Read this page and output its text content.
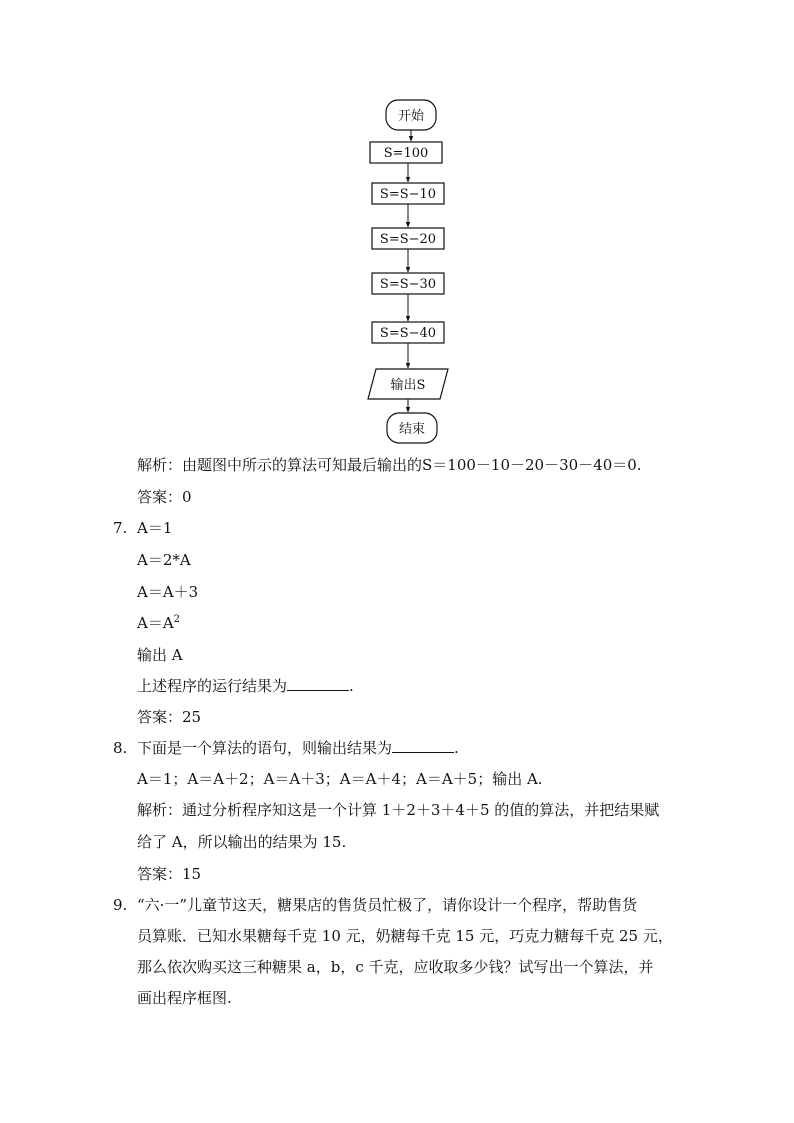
开始
S=100
S=S−10
S=S−20
S=S−30
S=S−40
输出S
结束
解析：由题图中所示的算法可知最后输出的S＝100－10－20－30－40＝0.
答案：0
7. A＝1
A＝2*A
A＝A＋3
$A=A^2$
输出 A
上述程序的运行结果为	.
答案：25
8. 下面是一个算法的语句，则输出结果为	.
A＝1；A＝A＋2；A＝A＋3；A＝A＋4；A＝A＋5；输出 A.
解析：通过分析程序知这是一个计算 1＋2＋3＋4＋5 的值的算法，并把结果赋
给了 A，所以输出的结果为 15.
答案：15
9. “六·一”儿童节这天，糖果店的售货员忙极了，请你设计一个程序，帮助售货
员算账．已知水果糖每千克 10 元，奶糖每千克 15 元，巧克力糖每千克 25 元，
那么依次购买这三种糖果 a，b，c 千克，应收取多少钱？试写出一个算法，并
画出程序框图.
